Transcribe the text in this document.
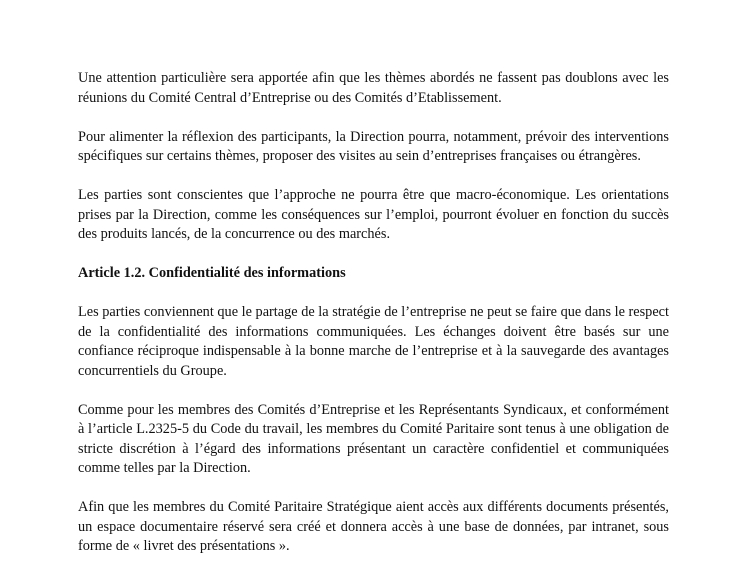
Une attention particulière sera apportée afin que les thèmes abordés ne fassent pas doublons avec les réunions du Comité Central d’Entreprise ou des Comités d’Etablissement.

Pour alimenter la réflexion des participants, la Direction pourra, notamment, prévoir des interventions spécifiques sur certains thèmes, proposer des visites au sein d’entreprises françaises ou étrangères.

Les parties sont conscientes que l’approche ne pourra être que macro-économique. Les orientations prises par la Direction, comme les conséquences sur l’emploi, pourront évoluer en fonction du succès des produits lancés, de la concurrence ou des marchés.

Article 1.2. Confidentialité des informations

Les parties conviennent que le partage de la stratégie de l’entreprise ne peut se faire que dans le respect de la confidentialité des informations communiquées. Les échanges doivent être basés sur une confiance réciproque indispensable à la bonne marche de l’entreprise et à la sauvegarde des avantages concurrentiels du Groupe.

Comme pour les membres des Comités d’Entreprise et les Représentants Syndicaux, et conformément à l’article L.2325-5 du Code du travail, les membres du Comité Paritaire sont tenus à une obligation de stricte discrétion à l’égard des informations présentant un caractère confidentiel et communiquées comme telles par la Direction.

Afin que les membres du Comité Paritaire Stratégique aient accès aux différents documents présentés, un espace documentaire réservé sera créé et donnera accès à une base de données, par intranet, sous forme de « livret des présentations ».
